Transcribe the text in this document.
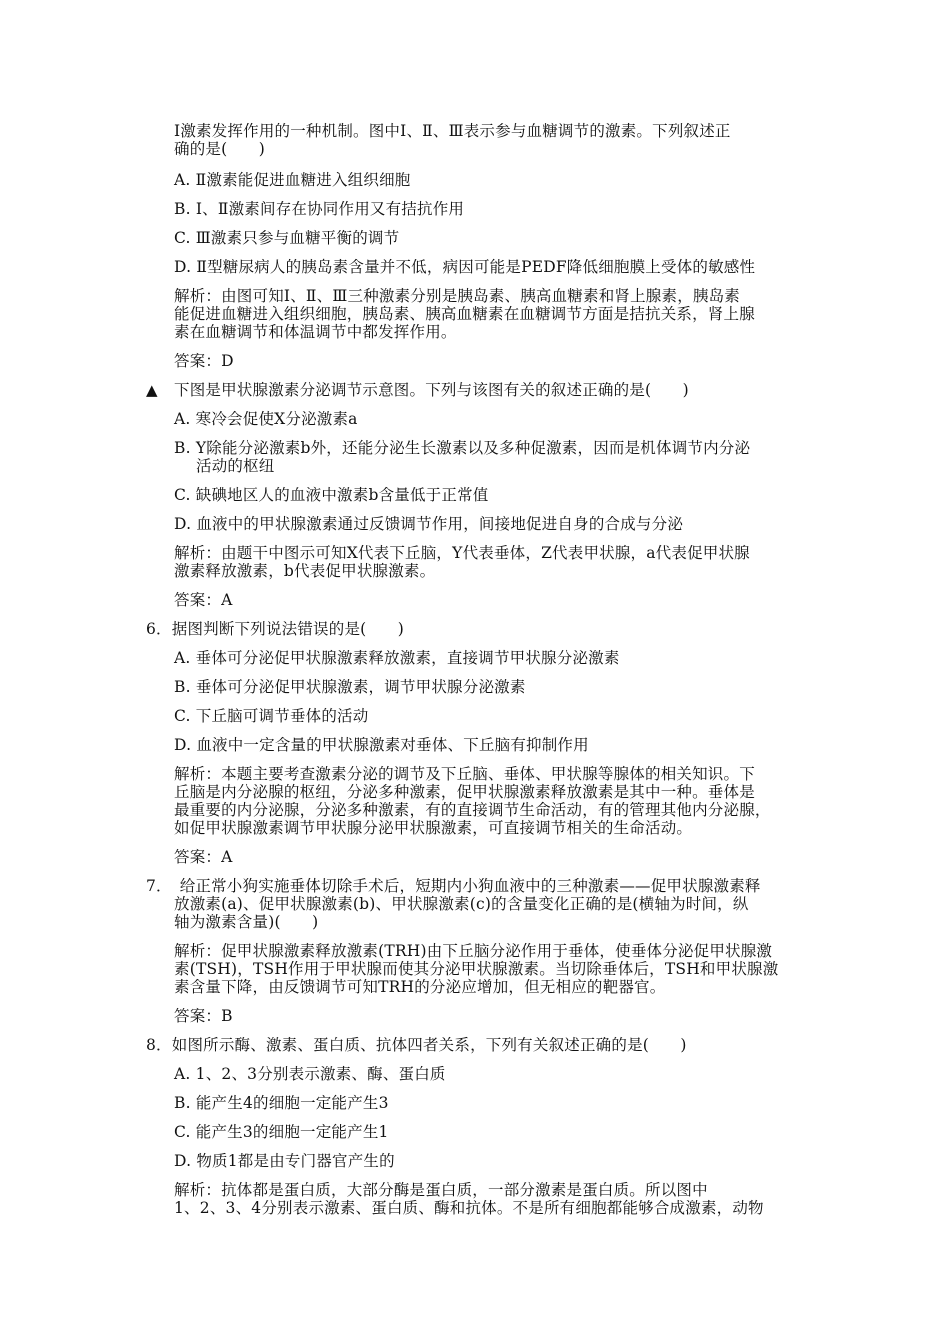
▲
Ⅰ激素发挥作用的一种机制。图中Ⅰ、Ⅱ、Ⅲ表示参与血糖调节的激素。下列叙述正
确的是(　　)
A. Ⅱ激素能促进血糖进入组织细胞
B. Ⅰ、Ⅱ激素间存在协同作用又有拮抗作用
C. Ⅲ激素只参与血糖平衡的调节
D. Ⅱ型糖尿病人的胰岛素含量并不低，病因可能是PEDF降低细胞膜上受体的敏感性
解析：由图可知Ⅰ、Ⅱ、Ⅲ三种激素分别是胰岛素、胰高血糖素和肾上腺素，胰岛素
能促进血糖进入组织细胞，胰岛素、胰高血糖素在血糖调节方面是拮抗关系，肾上腺
素在血糖调节和体温调节中都发挥作用。
答案：D
下图是甲状腺激素分泌调节示意图。下列与该图有关的叙述正确的是(　　)
A. 寒冷会促使X分泌激素a
B. Y除能分泌激素b外，还能分泌生长激素以及多种促激素，因而是机体调节内分泌
活动的枢纽
C. 缺碘地区人的血液中激素b含量低于正常值
D. 血液中的甲状腺激素通过反馈调节作用，间接地促进自身的合成与分泌
解析：由题干中图示可知X代表下丘脑，Y代表垂体，Z代表甲状腺，a代表促甲状腺
激素释放激素，b代表促甲状腺激素。
答案：A
6．据图判断下列说法错误的是(　　)
A. 垂体可分泌促甲状腺激素释放激素，直接调节甲状腺分泌激素
B. 垂体可分泌促甲状腺激素，调节甲状腺分泌激素
C. 下丘脑可调节垂体的活动
D. 血液中一定含量的甲状腺激素对垂体、下丘脑有抑制作用
解析：本题主要考查激素分泌的调节及下丘脑、垂体、甲状腺等腺体的相关知识。下
丘脑是内分泌腺的枢纽，分泌多种激素，促甲状腺激素释放激素是其中一种。垂体是
最重要的内分泌腺，分泌多种激素，有的直接调节生命活动，有的管理其他内分泌腺，
如促甲状腺激素调节甲状腺分泌甲状腺激素，可直接调节相关的生命活动。
答案：A
7．　给正常小狗实施垂体切除手术后，短期内小狗血液中的三种激素——促甲状腺激素释
放激素(a)、促甲状腺激素(b)、甲状腺激素(c)的含量变化正确的是(横轴为时间，纵
轴为激素含量)(　　)
解析：促甲状腺激素释放激素(TRH)由下丘脑分泌作用于垂体，使垂体分泌促甲状腺激
素(TSH)，TSH作用于甲状腺而使其分泌甲状腺激素。当切除垂体后，TSH和甲状腺激
素含量下降，由反馈调节可知TRH的分泌应增加，但无相应的靶器官。
答案：B
8．如图所示酶、激素、蛋白质、抗体四者关系，下列有关叙述正确的是(　　)
A. 1、2、3分别表示激素、酶、蛋白质
B. 能产生4的细胞一定能产生3
C. 能产生3的细胞一定能产生1
D. 物质1都是由专门器官产生的
解析：抗体都是蛋白质，大部分酶是蛋白质，一部分激素是蛋白质。所以图中
1、2、3、4分别表示激素、蛋白质、酶和抗体。不是所有细胞都能够合成激素，动物
